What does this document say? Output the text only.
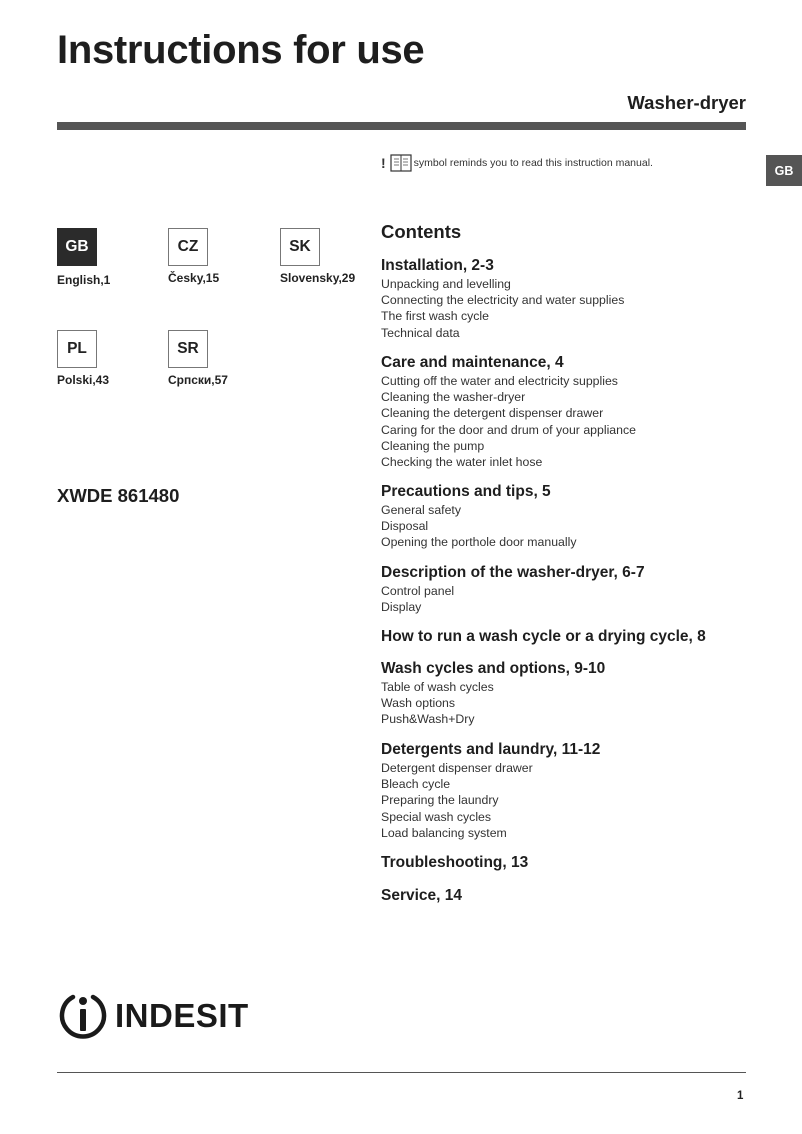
Instructions for use
Washer-dryer
GB
!	symbol reminds you to read this instruction manual.
GB
English,1
CZ
Česky,15
SK
Slovensky,29
PL
Polski,43
SR
Српски,57
XWDE 861480
Contents
Installation, 2-3
Unpacking and levelling
Connecting the electricity and water supplies
The first wash cycle
Technical data
Care and maintenance, 4
Cutting off the water and electricity supplies
Cleaning the washer-dryer
Cleaning the detergent dispenser drawer
Caring for the door and drum of your appliance
Cleaning the pump
Checking the water inlet hose
Precautions and tips, 5
General safety
Disposal
Opening the porthole door manually
Description of the washer-dryer, 6-7
Control panel
Display
How to run a wash cycle or a drying cycle, 8
Wash cycles and options, 9-10
Table of wash cycles
Wash options
Push&Wash+Dry
Detergents and laundry, 11-12
Detergent dispenser drawer
Bleach cycle
Preparing the laundry
Special wash cycles
Load balancing system
Troubleshooting, 13
Service, 14
INDESIT
1
